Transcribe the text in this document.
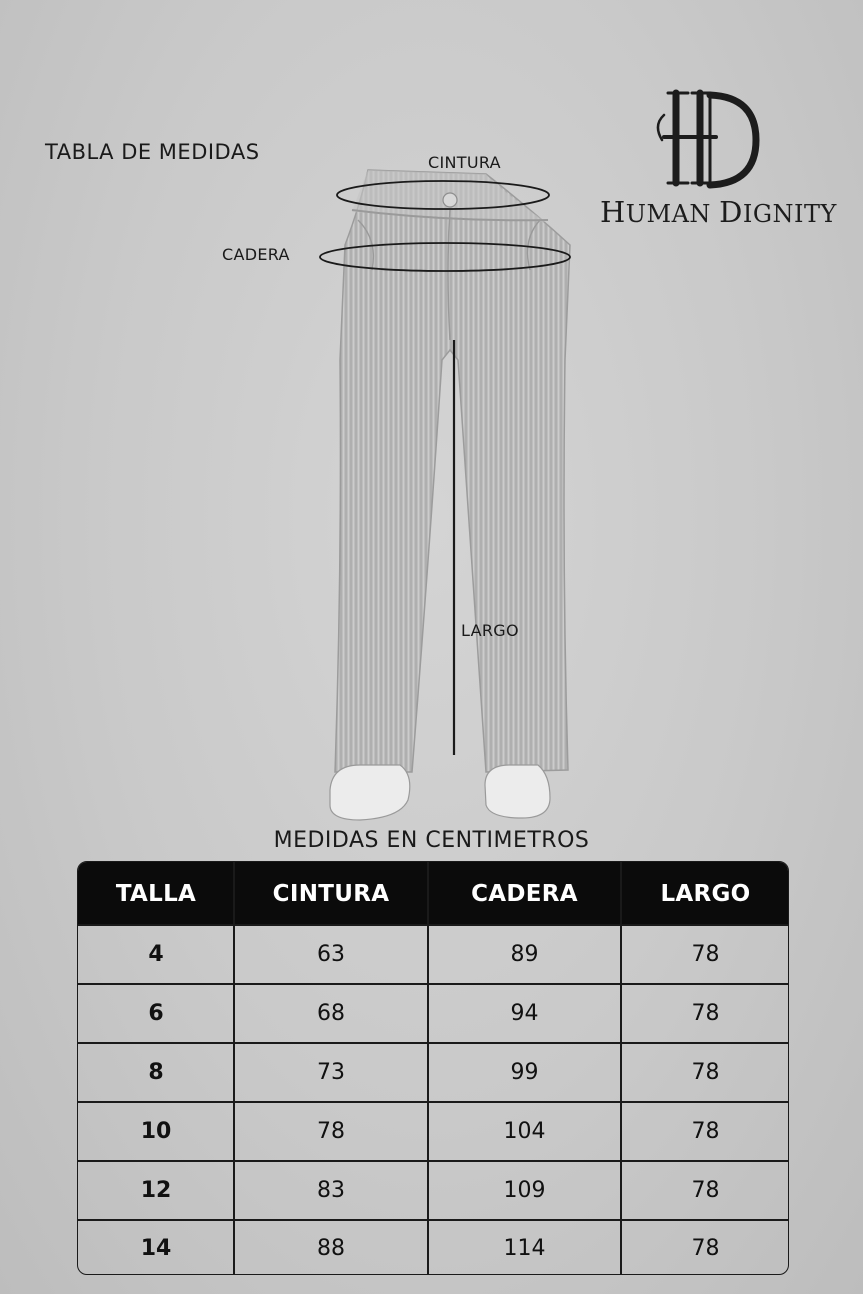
TABLA DE MEDIDAS	CINTURA
CADERA
LARGO
HUMAN DIGNITY
MEDIDAS EN CENTIMETROS
TALLA	CINTURA	CADERA	LARGO
4	63	89	78
6	68	94	78
8	73	99	78
10	78	104	78
12	83	109	78
14	88	114	78
